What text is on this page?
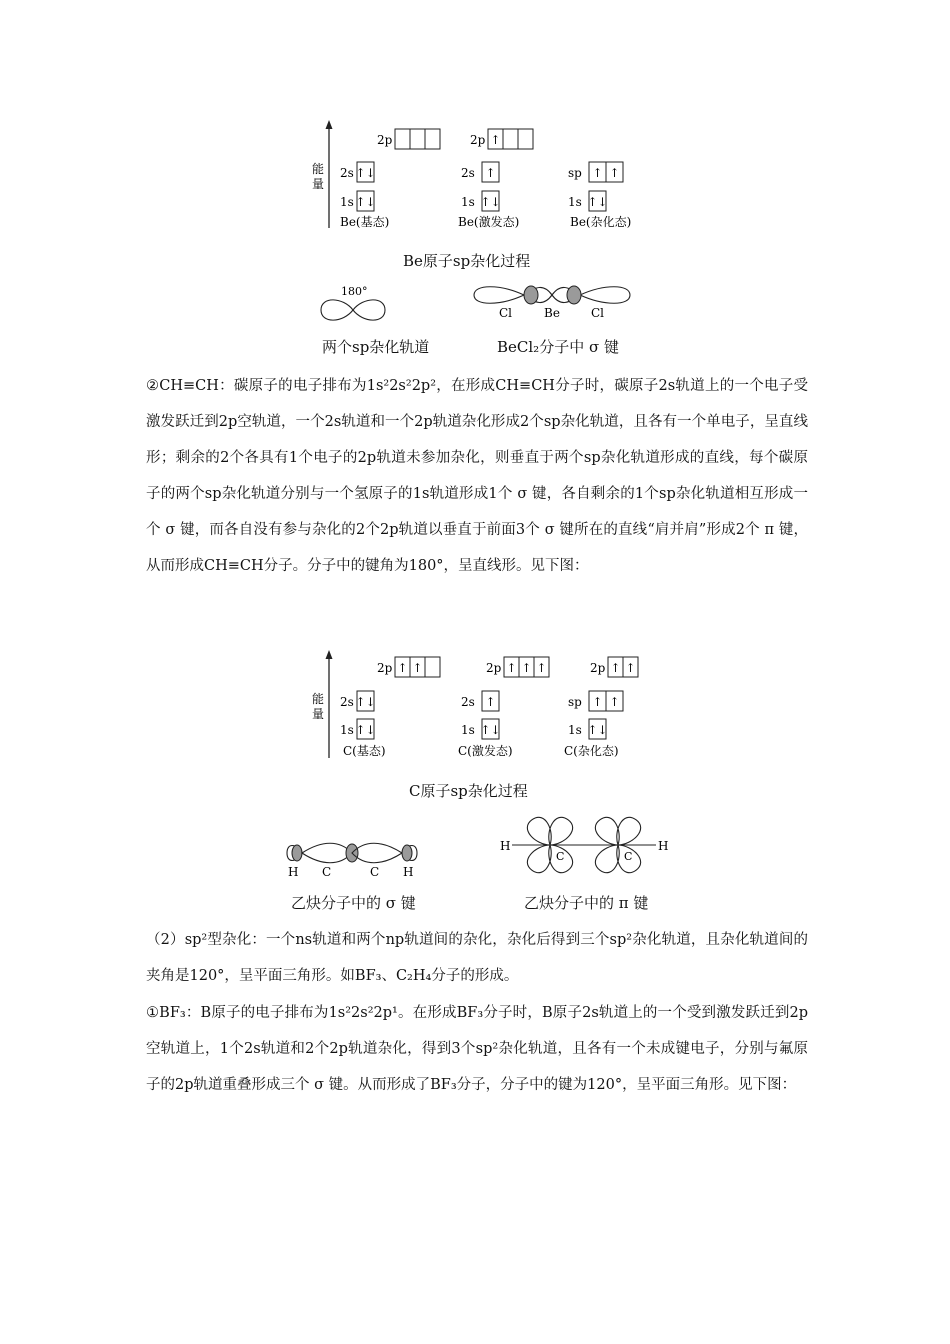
能
量
2p
2s ↑↓
1s ↑↓
Be(基态)
2p ↑
2s ↑
1s ↑↓
Be(激发态)
sp ↑ ↑
1s ↑↓
Be(杂化态)
Be原子sp杂化过程
180°
Cl	Be	Cl
两个sp杂化轨道	BeCl₂分子中 σ 键

②CH≡CH：碳原子的电子排布为1s²2s²2p²，在形成CH≡CH分子时，碳原子2s轨道上的一个电子受激发跃迁到2p空轨道，一个2s轨道和一个2p轨道杂化形成2个sp杂化轨道，且各有一个单电子，呈直线形；剩余的2个各具有1个电子的2p轨道未参加杂化，则垂直于两个sp杂化轨道形成的直线，每个碳原子的两个sp杂化轨道分别与一个氢原子的1s轨道形成1个 σ 键，各自剩余的1个sp杂化轨道相互形成一个 σ 键，而各自没有参与杂化的2个2p轨道以垂直于前面3个 σ 键所在的直线“肩并肩”形成2个 π 键，从而形成CH≡CH分子。分子中的键角为180°，呈直线形。见下图：

能
量
2p ↑ ↑
2s ↑↓
1s ↑↓
C(基态)
2p ↑ ↑ ↑
2s ↑
1s ↑↓
C(激发态)
2p ↑ ↑
sp ↑ ↑
1s ↑↓
C(杂化态)
C原子sp杂化过程
H C	C H
H	H
C	C
乙炔分子中的 σ 键	乙炔分子中的 π 键

（2）sp²型杂化：一个ns轨道和两个np轨道间的杂化，杂化后得到三个sp²杂化轨道，且杂化轨道间的夹角是120°，呈平面三角形。如BF₃、C₂H₄分子的形成。

①BF₃：B原子的电子排布为1s²2s²2p¹。在形成BF₃分子时，B原子2s轨道上的一个受到激发跃迁到2p空轨道上，1个2s轨道和2个2p轨道杂化，得到3个sp²杂化轨道，且各有一个未成键电子，分别与氟原子的2p轨道重叠形成三个 σ 键。从而形成了BF₃分子，分子中的键为120°，呈平面三角形。见下图：
